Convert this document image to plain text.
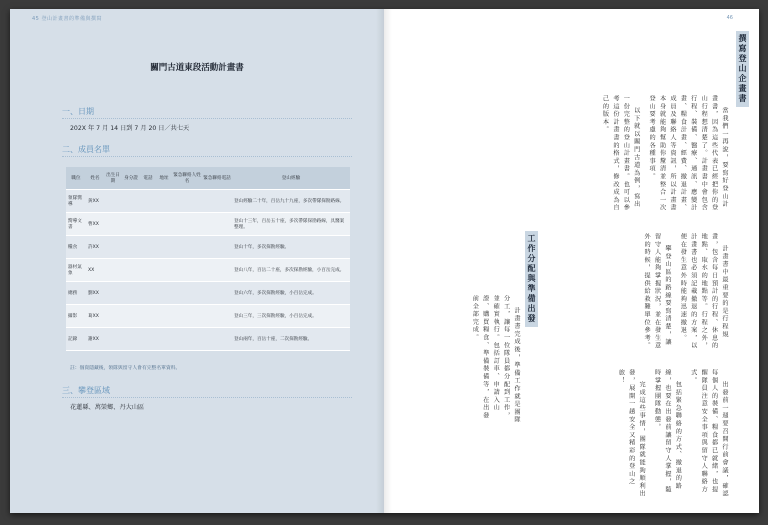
45 登山計畫書的準備與撰寫
關門古道東段活動計畫書
一、日期
202X 年 7 月 14 日到 7 月 20 日／共七天
二、成員名單
職位	姓名	出生日期	身分證	電話	地址	緊急聯絡人姓名	緊急聯絡電話	登山經驗
領隊嚮導	黃XX							登山經驗二十年，百岳九十九座，多次帶隊探勘路線。
嚮導文書	曹XX							登山十三年，百岳五十座，多次帶隊探勘路線，具醫案整理。
糧食	許XX							登山十年，多次探勘經驗。
器材氣象	XX							登山八年，百岳二十座，多次探勘經驗，小百岳完成。
總務	劉XX							登山六年，多次探勘經驗，小百岳完成。
攝影	葛XX							登山三年，三次探勘經驗，小百岳完成。
記錄	謝XX							登山兩年，百岳十座，二次探勘經驗。
註：個資隱藏後，領隊與留守人會有完整名單資料。
三、攀登區域
花蓮縣、萬榮鄉、丹大山區
46
撰寫登山企畫書

當我們一再說，要寫好登山計畫書，因為這些代表已經把你的登山行程想清楚了。計畫書中會包含行程、裝備、醫療、通訊、應變計畫、糧食計畫、經費、撤退計畫、成員及聯絡人等資訊，所以計畫書本身就能夠幫助你釐清並整合一次登山要考慮的各種事項。

以下就以關門古道為例，寫出一份完整的登山計畫書。也可以參考這份計畫書的格式，修改成為自己的版本。

計畫書中最重要的是行程規畫，包含每日預計的行程、休息的地點、取水的地點等。行程之外，計畫書也必須記載撤退的方案，以便在發生意外時能夠迅速撤退。

攀登山區的路線要寫清楚，讓留守人能夠掌握狀況，並在發生意外的時候，提供給救難單位參考。

工作分配與準備出發

計畫書完成後，準備工作就是團隊分工，讓每一位隊員都分配到工作，並確實執行。包括訂車、申請入山證、購買糧食、準備裝備等，在出發前全部完成。

出發前一週要召開行前會議，確認每個人的裝備、糧食都已就緒，也提醒隊員注意安全事項與留守人聯絡方式。

包括緊急聯絡的方式、撤退的路線，也要在出發前讓留守人掌握，隨時掌握團隊動態。

完成這些事情，團隊就能夠順利出發，展開一趟安全又精彩的登山之旅！
